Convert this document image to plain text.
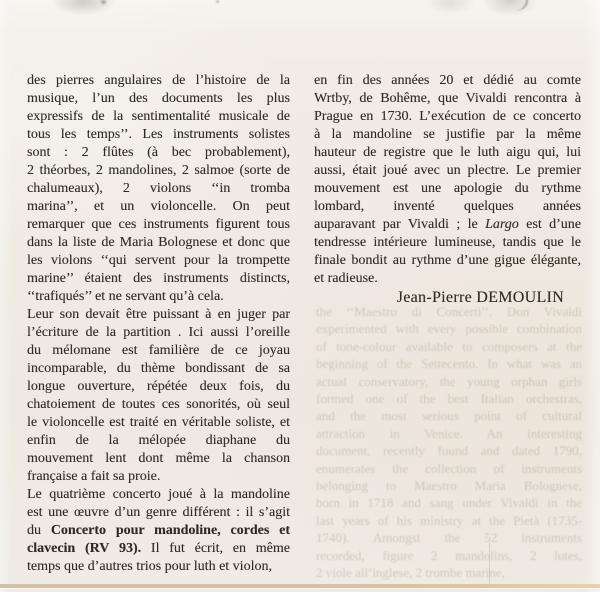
the ‘‘Maestro di Concerti’’. Don Vivaldi
experimented with every possible combination
of tone-colour available to composers at the
beginning of the Settecento. In what was an
actual conservatory, the young orphan girls
formed one of the best Italian orchestras,
and the most serious point of cultural
attraction in Venice. An interesting
document, recently found and dated 1790,
enumerates the collection of instruments
belonging to Maestro Maria Bolognese,
born in 1718 and sang under Vivaldi in the
last years of his ministry at the Pietà (1735-
1740). Amongst the 52 instruments
recorded, figure 2 mandolins, 2 lutes,
2 viole all’inglese, 2 trombe marine,
des pierres angulaires de l’histoire de la
musique, l’un des documents les plus
expressifs de la sentimentalité musicale de
tous les temps’’. Les instruments solistes
sont : 2 flûtes (à bec probablement),
2 théorbes, 2 mandolines, 2 salmoe (sorte de
chalumeaux), 2 violons ‘‘in tromba
marina’’, et un violoncelle. On peut
remarquer que ces instruments figurent tous
dans la liste de Maria Bolognese et donc que
les violons ‘‘qui servent pour la trompette
marine’’ étaient des instruments distincts,
‘‘trafiqués’’ et ne servant qu’à cela.
Leur son devait être puissant à en juger par
l’écriture de la partition . Ici aussi l’oreille
du mélomane est familière de ce joyau
incomparable, du thème bondissant de sa
longue ouverture, répétée deux fois, du
chatoiement de toutes ces sonorités, où seul
le violoncelle est traité en véritable soliste, et
enfin de la mélopée diaphane du
mouvement lent dont même la chanson
française a fait sa proie.
Le quatrième concerto joué à la mandoline
est une œuvre d’un genre différent : il s’agit
du Concerto pour mandoline, cordes et
clavecin (RV 93). Il fut écrit, en même
temps que d’autres trios pour luth et violon,
en fin des années 20 et dédié au comte
Wrtby, de Bohême, que Vivaldi rencontra à
Prague en 1730. L’exécution de ce concerto
à la mandoline se justifie par la même
hauteur de registre que le luth aigu qui, lui
aussi, était joué avec un plectre. Le premier
mouvement est une apologie du rythme
lombard, inventé quelques années
auparavant par Vivaldi ; le Largo est d’une
tendresse intérieure lumineuse, tandis que le
finale bondit au rythme d’une gigue élégante,
et radieuse.
Jean-Pierre DEMOULIN
